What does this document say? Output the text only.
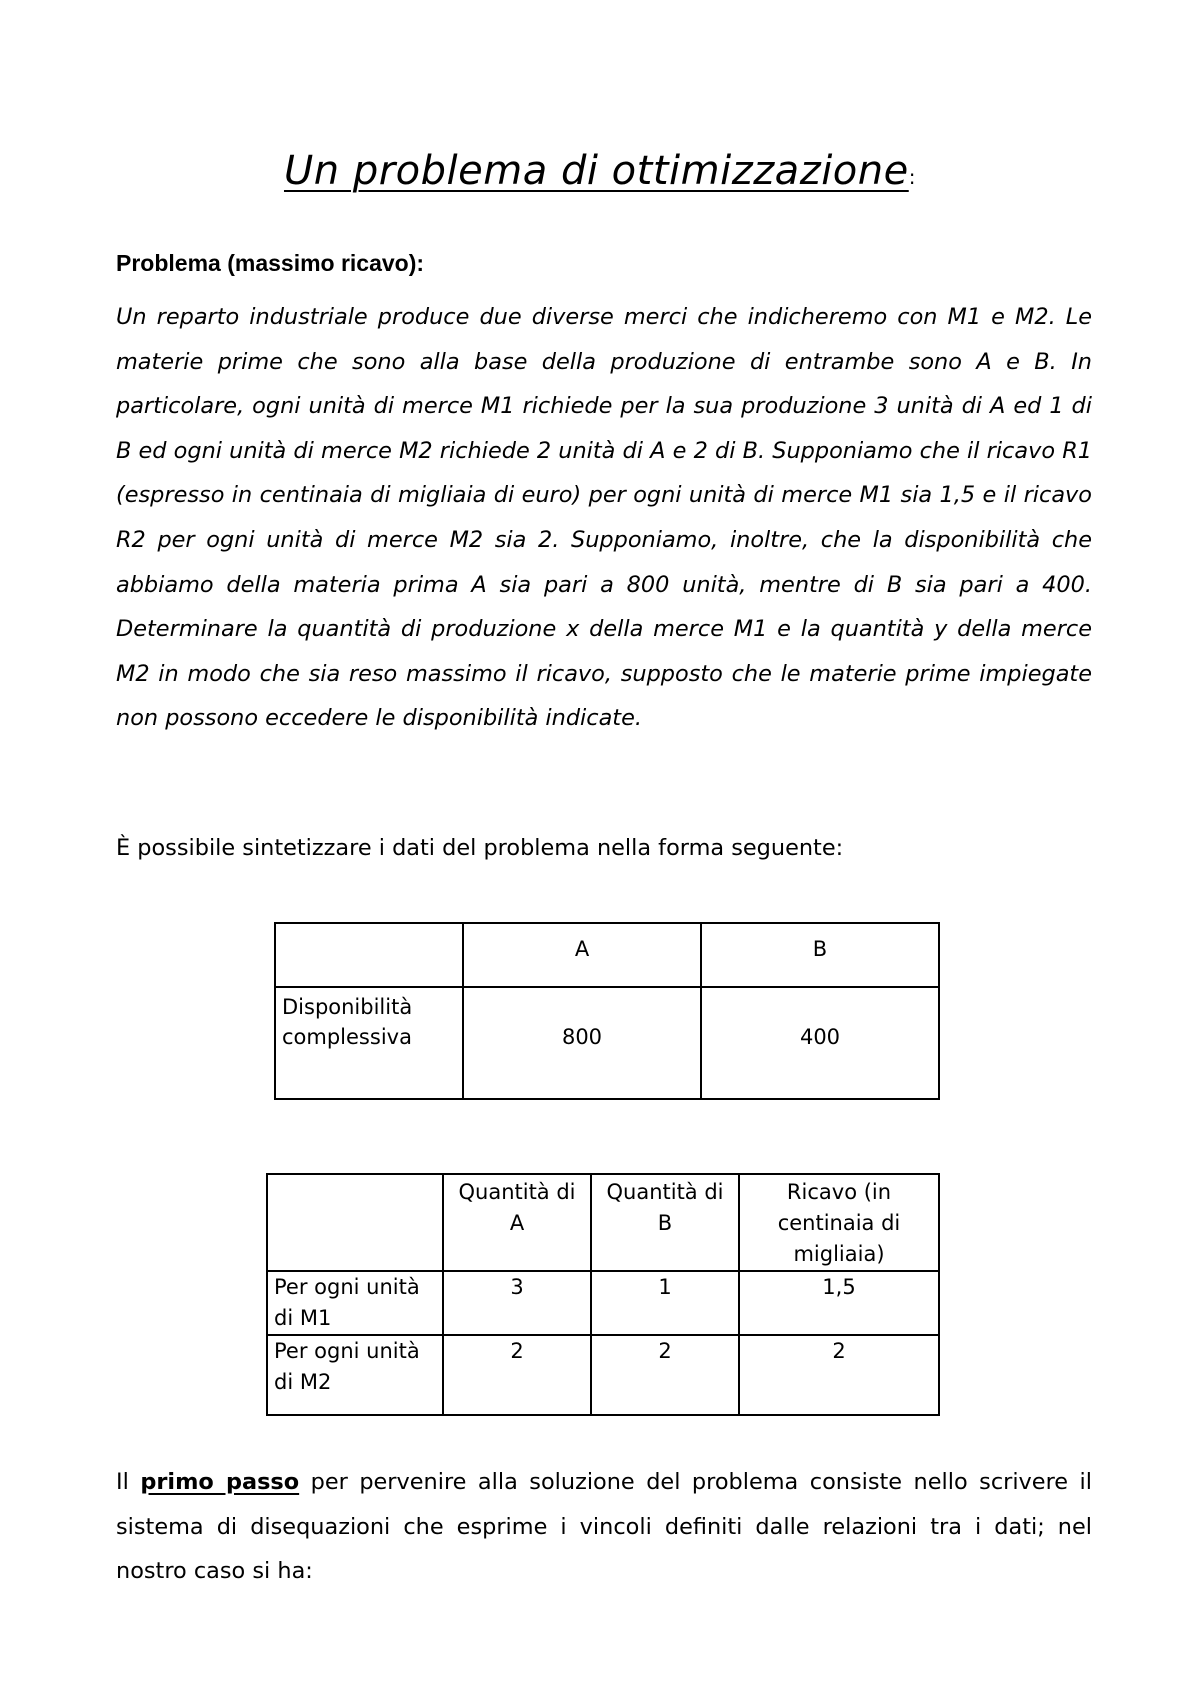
Un problema di ottimizzazione:
Problema (massimo ricavo):
Un reparto industriale produce due diverse merci che indicheremo con M1 e M2. Le materie prime che sono alla base della produzione di entrambe sono A e B. In particolare, ogni unità di merce M1 richiede per la sua produzione 3 unità di A ed 1 di B ed ogni unità di merce M2 richiede 2 unità di A e 2 di B. Supponiamo che il ricavo R1 (espresso in centinaia di migliaia di euro) per ogni unità di merce M1 sia 1,5 e il ricavo R2 per ogni unità di merce M2 sia 2. Supponiamo, inoltre, che la disponibilità che abbiamo della materia prima A sia pari a 800 unità, mentre di B sia pari a 400. Determinare la quantità di produzione x della merce M1 e la quantità y della merce M2 in modo che sia reso massimo il ricavo, supposto che le materie prime impiegate non possono eccedere le disponibilità indicate.
È possibile sintetizzare i dati del problema nella forma seguente:
	A	B
Disponibilità complessiva	800	400
	Quantità di A	Quantità di B	Ricavo (in centinaia di migliaia)
Per ogni unità di M1	3	1	1,5
Per ogni unità di M2	2	2	2
Il primo passo per pervenire alla soluzione del problema consiste nello scrivere il sistema di disequazioni che esprime i vincoli definiti dalle relazioni tra i dati; nel nostro caso si ha:
